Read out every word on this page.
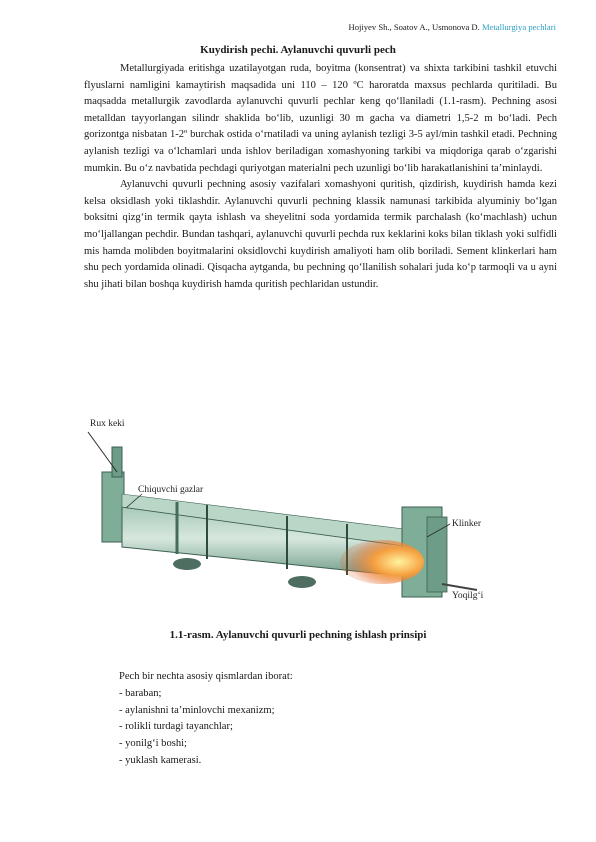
Hojiyev Sh., Soatov A., Usmonova D. Metallurgiya pechlari
Kuydirish pechi. Aylanuvchi quvurli pech

Metallurgiyada eritishga uzatilayotgan ruda, boyitma (konsentrat) va shixta tarkibini tashkil etuvchi flyuslarni namligini kamaytirish maqsadida uni 110 – 120 ºC haroratda maxsus pechlarda quritiladi. Bu maqsadda metallurgik zavodlarda aylanuvchi quvurli pechlar keng qo‘llaniladi (1.1-rasm). Pechning asosi metalldan tayyorlangan silindr shaklida bo‘lib, uzunligi 30 m gacha va diametri 1,5-2 m bo‘ladi. Pech gorizontga nisbatan 1-2º burchak ostida o‘rnatiladi va uning aylanish tezligi 3-5 ayl/min tashkil etadi. Pechning aylanish tezligi va o‘lchamlari unda ishlov beriladigan xomashyoning tarkibi va miqdoriga qarab o‘zgarishi mumkin. Bu o‘z navbatida pechdagi quriyotgan materialni pech uzunligi bo‘lib harakatlanishini ta’minlaydi.

Aylanuvchi quvurli pechning asosiy vazifalari xomashyoni quritish, qizdirish, kuydirish hamda kezi kelsa oksidlash yoki tiklashdir. Aylanuvchi quvurli pechning klassik namunasi tarkibida alyuminiy bo‘lgan boksitni qizg‘in termik qayta ishlash va sheyelitni soda yordamida termik parchalash (ko‘machlash) uchun mo‘ljallangan pechdir. Bundan tashqari, aylanuvchi quvurli pechda rux keklarini koks bilan tiklash yoki sulfidli mis hamda molibden boyitmalarini oksidlovchi kuydirish amaliyoti ham olib boriladi. Sement klinkerlari ham shu pech yordamida olinadi. Qisqacha aytganda, bu pechning qo‘llanilish sohalari juda ko‘p tarmoqli va u ayni shu jihati bilan boshqa kuydirish hamda quritish pechlaridan ustundir.

Rux keki
Chiquvchi gazlar
Klinker
Yoqilg‘i
1.1-rasm. Aylanuvchi quvurli pechning ishlash prinsipi
Pech bir nechta asosiy qismlardan iborat:
- baraban;
- aylanishni ta’minlovchi mexanizm;
- rolikli turdagi tayanchlar;
- yonilg‘i boshi;
- yuklash kamerasi.
